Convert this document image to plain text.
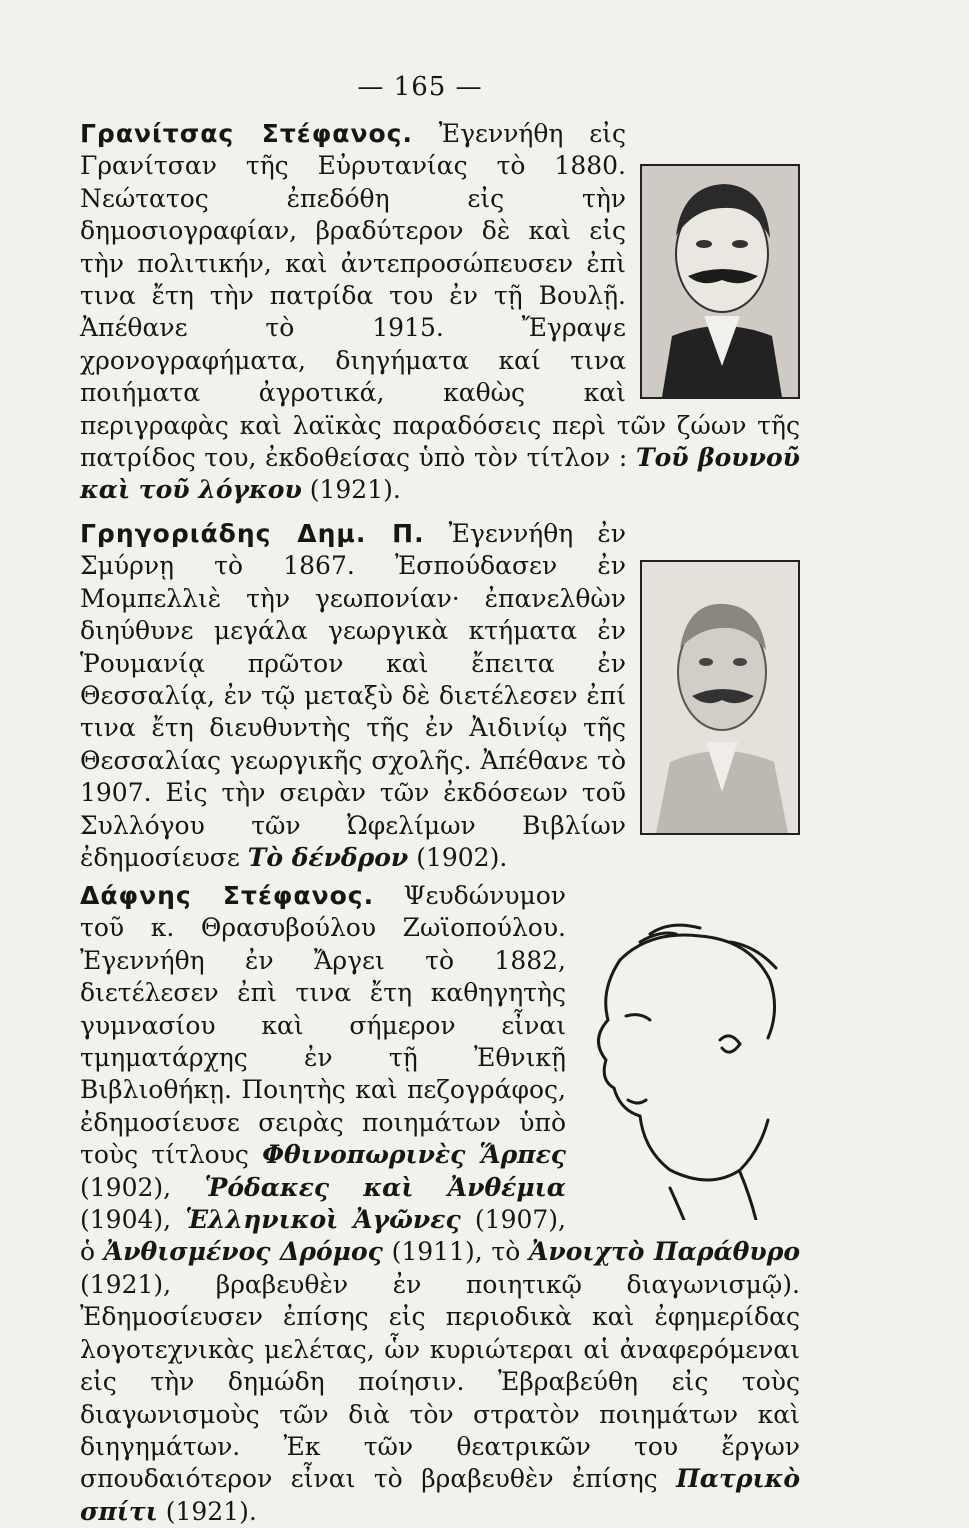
— 165 —

Γρανίτσας Στέφανος. Ἐγεννήθη εἰς Γρανίτσαν τῆς Εὐρυτανίας τὸ 1880. Νεώτατος ἐπεδόθη εἰς τὴν δημοσιογραφίαν, βραδύτερον δὲ καὶ εἰς τὴν πολιτικήν, καὶ ἀντεπροσώπευσεν ἐπὶ τινα ἔτη τὴν πατρίδα του ἐν τῇ Βουλῇ. Ἀπέθανε τὸ 1915. Ἔγραψε χρονογραφήματα, διηγήματα καί τινα ποιήματα ἀγροτικά, καθὼς καὶ περιγραφὰς καὶ λαϊκὰς παραδόσεις περὶ τῶν ζώων τῆς πατρίδος του, ἐκδοθείσας ὑπὸ τὸν τίτλον : Τοῦ βουνοῦ καὶ τοῦ λόγκου (1921).

Γρηγοριάδης Δημ. Π. Ἐγεννήθη ἐν Σμύρνῃ τὸ 1867. Ἐσπούδασεν ἐν Μομπελλιὲ τὴν γεωπονίαν· ἐπανελθὼν διηύθυνε μεγάλα γεωργικὰ κτήματα ἐν Ῥουμανίᾳ πρῶτον καὶ ἔπειτα ἐν Θεσσαλίᾳ, ἐν τῷ μεταξὺ δὲ διετέλεσεν ἐπί τινα ἔτη διευθυντὴς τῆς ἐν Ἀιδινίῳ τῆς Θεσσαλίας γεωργικῆς σχολῆς. Ἀπέθανε τὸ 1907. Εἰς τὴν σειρὰν τῶν ἐκδόσεων τοῦ Συλλόγου τῶν Ὠφελίμων Βιβλίων ἐδημοσίευσε Τὸ δένδρον (1902).

Δάφνης Στέφανος. Ψευδώνυμον τοῦ κ. Θρασυβούλου Ζωϊοπούλου. Ἐγεννήθη ἐν Ἄργει τὸ 1882, διετέλεσεν ἐπὶ τινα ἔτη καθηγητὴς γυμνασίου καὶ σήμερον εἶναι τμηματάρχης ἐν τῇ Ἐθνικῇ Βιβλιοθήκῃ. Ποιητὴς καὶ πεζογράφος, ἐδημοσίευσε σειρὰς ποιημάτων ὑπὸ τοὺς τίτλους Φθινοπωρινὲς Ἅρπες (1902), Ῥόδακες καὶ Ἀνθέμια (1904), Ἑλληνικοὶ Ἀγῶνες (1907), ὁ Ἀνθισμένος Δρόμος (1911), τὸ Ἀνοιχτὸ Παράθυρο (1921), βραβευθὲν ἐν ποιητικῷ διαγωνισμῷ). Ἐδημοσίευσεν ἐπίσης εἰς περιοδικὰ καὶ ἐφημερίδας λογοτεχνικὰς μελέτας, ὧν κυριώτεραι αἱ ἀναφερόμεναι εἰς τὴν δημώδη ποίησιν. Ἐβραβεύθη εἰς τοὺς διαγωνισμοὺς τῶν διὰ τὸν στρατὸν ποιημάτων καὶ διηγημάτων. Ἐκ τῶν θεατρικῶν του ἔργων σπουδαιότερον εἶναι τὸ βραβευθὲν ἐπίσης Πατρικὸ σπίτι (1921).
